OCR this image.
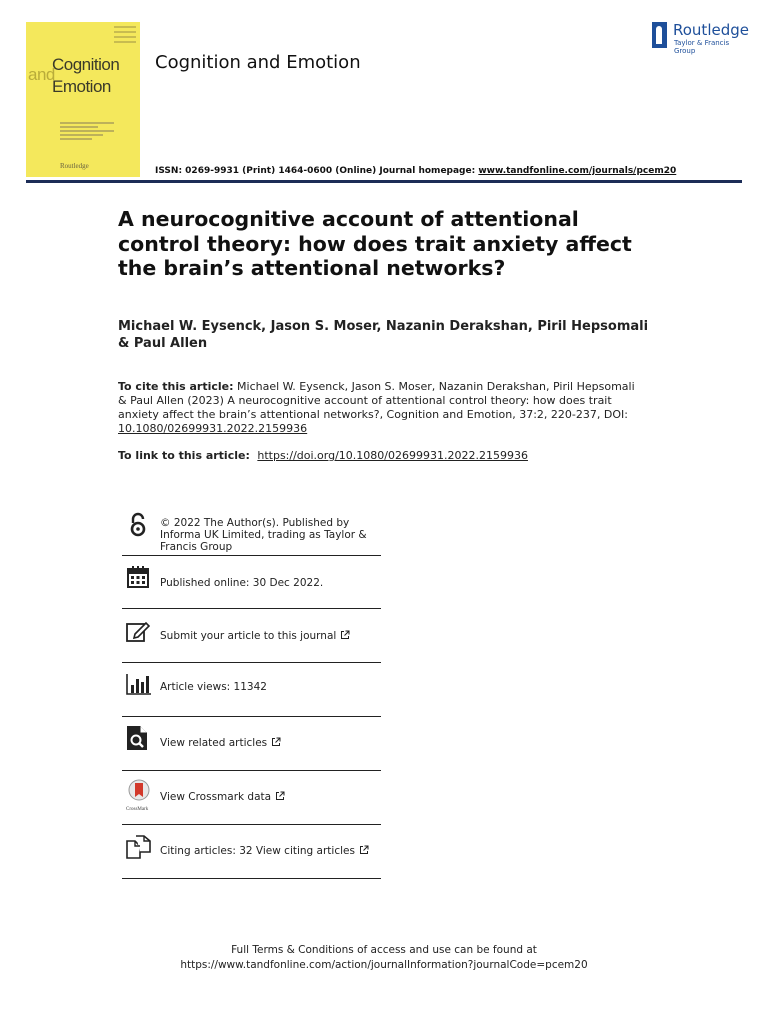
Cognition
and
Emotion
Routledge
Cognition and Emotion
Routledge
Taylor & Francis Group
ISSN: 0269-9931 (Print) 1464-0600 (Online) Journal homepage: www.tandfonline.com/journals/pcem20
A neurocognitive account of attentional control theory: how does trait anxiety affect the brain’s attentional networks?
Michael W. Eysenck, Jason S. Moser, Nazanin Derakshan, Piril Hepsomali & Paul Allen
To cite this article: Michael W. Eysenck, Jason S. Moser, Nazanin Derakshan, Piril Hepsomali & Paul Allen (2023) A neurocognitive account of attentional control theory: how does trait anxiety affect the brain’s attentional networks?, Cognition and Emotion, 37:2, 220-237, DOI: 10.1080/02699931.2022.2159936
To link to this article: https://doi.org/10.1080/02699931.2022.2159936
© 2022 The Author(s). Published by Informa UK Limited, trading as Taylor & Francis Group
Published online: 30 Dec 2022.
Submit your article to this journal
Article views: 11342
View related articles
CrossMark
View Crossmark data
Citing articles: 32 View citing articles
Full Terms & Conditions of access and use can be found at
https://www.tandfonline.com/action/journalInformation?journalCode=pcem20
